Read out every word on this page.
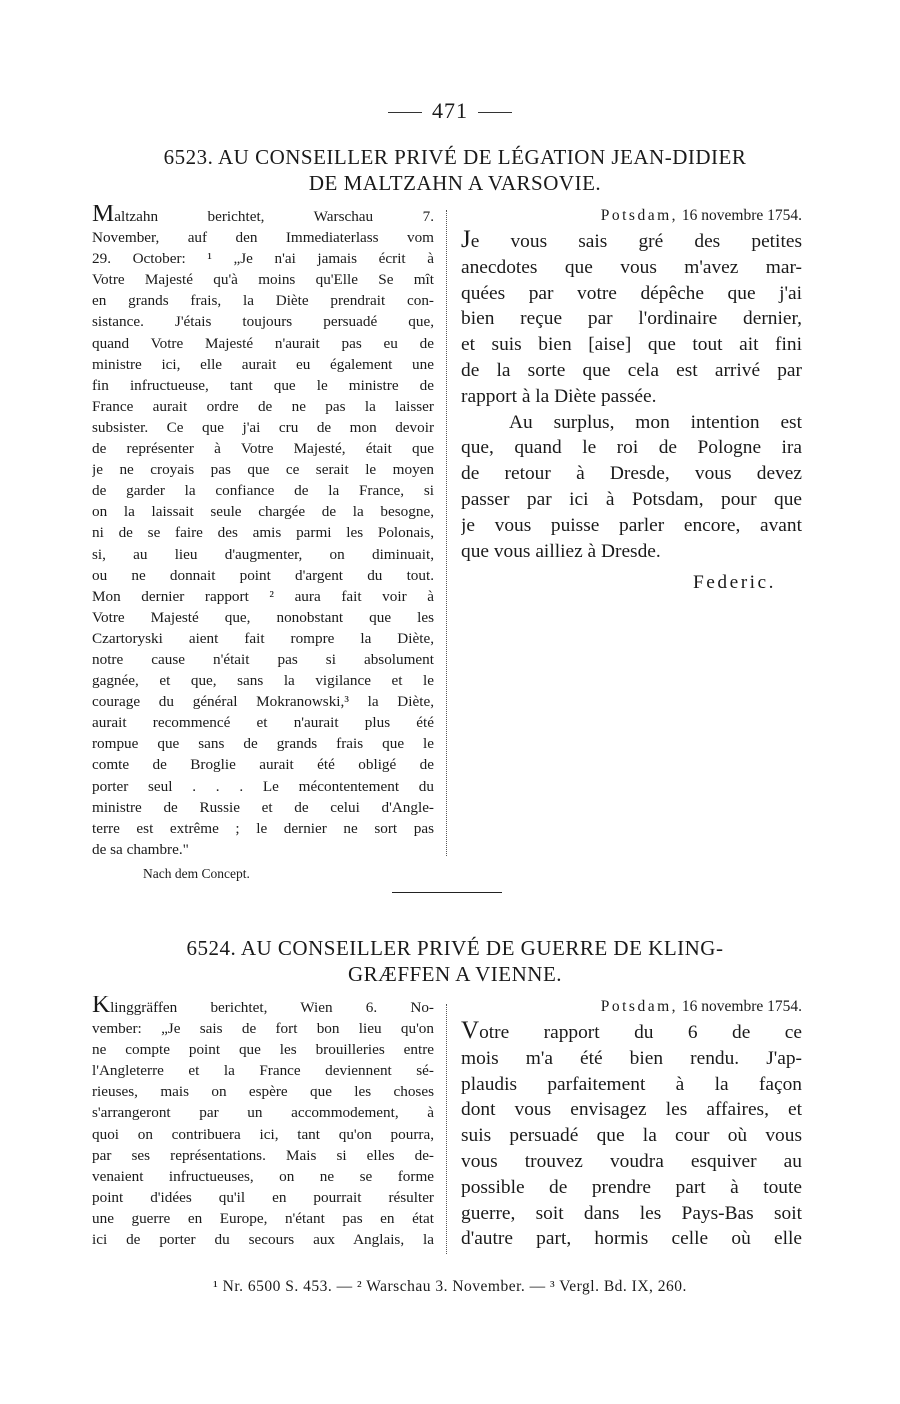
471
6523. AU CONSEILLER PRIVÉ DE LÉGATION JEAN-DIDIER
DE MALTZAHN A VARSOVIE.
Maltzahn berichtet, Warschau 7.
November, auf den Immediaterlass vom
29. October: ¹ „Je n'ai jamais écrit à
Votre Majesté qu'à moins qu'Elle Se mît
en grands frais, la Diète prendrait con-
sistance. J'étais toujours persuadé que,
quand Votre Majesté n'aurait pas eu de
ministre ici, elle aurait eu également une
fin infructueuse, tant que le ministre de
France aurait ordre de ne pas la laisser
subsister. Ce que j'ai cru de mon devoir
de représenter à Votre Majesté, était que
je ne croyais pas que ce serait le moyen
de garder la confiance de la France, si
on la laissait seule chargée de la besogne,
ni de se faire des amis parmi les Polonais,
si, au lieu d'augmenter, on diminuait,
ou ne donnait point d'argent du tout.
Mon dernier rapport ² aura fait voir à
Votre Majesté que, nonobstant que les
Czartoryski aient fait rompre la Diète,
notre cause n'était pas si absolument
gagnée, et que, sans la vigilance et le
courage du général Mokranowski,³ la Diète,
aurait recommencé et n'aurait plus été
rompue que sans de grands frais que le
comte de Broglie aurait été obligé de
porter seul . . . Le mécontentement du
ministre de Russie et de celui d'Angle-
terre est extrême ; le dernier ne sort pas
de sa chambre."
Nach dem Concept.
Potsdam, 16 novembre 1754.
Je vous sais gré des petites
anecdotes que vous m'avez mar-
quées par votre dépêche que j'ai
bien reçue par l'ordinaire dernier,
et suis bien [aise] que tout ait fini
de la sorte que cela est arrivé par
rapport à la Diète passée.
Au surplus, mon intention est
que, quand le roi de Pologne ira
de retour à Dresde, vous devez
passer par ici à Potsdam, pour que
je vous puisse parler encore, avant
que vous ailliez à Dresde.
Federic.
6524. AU CONSEILLER PRIVÉ DE GUERRE DE KLING-
GRÆFFEN A VIENNE.
Klinggräffen berichtet, Wien 6. No-
vember: „Je sais de fort bon lieu qu'on
ne compte point que les brouilleries entre
l'Angleterre et la France deviennent sé-
rieuses, mais on espère que les choses
s'arrangeront par un accommodement, à
quoi on contribuera ici, tant qu'on pourra,
par ses représentations. Mais si elles de-
venaient infructueuses, on ne se forme
point d'idées qu'il en pourrait résulter
une guerre en Europe, n'étant pas en état
ici de porter du secours aux Anglais, la
Potsdam, 16 novembre 1754.
Votre rapport du 6 de ce
mois m'a été bien rendu. J'ap-
plaudis parfaitement à la façon
dont vous envisagez les affaires, et
suis persuadé que la cour où vous
vous trouvez voudra esquiver au
possible de prendre part à toute
guerre, soit dans les Pays-Bas soit
d'autre part, hormis celle où elle
¹ Nr. 6500 S. 453. — ² Warschau 3. November. — ³ Vergl. Bd. IX, 260.
